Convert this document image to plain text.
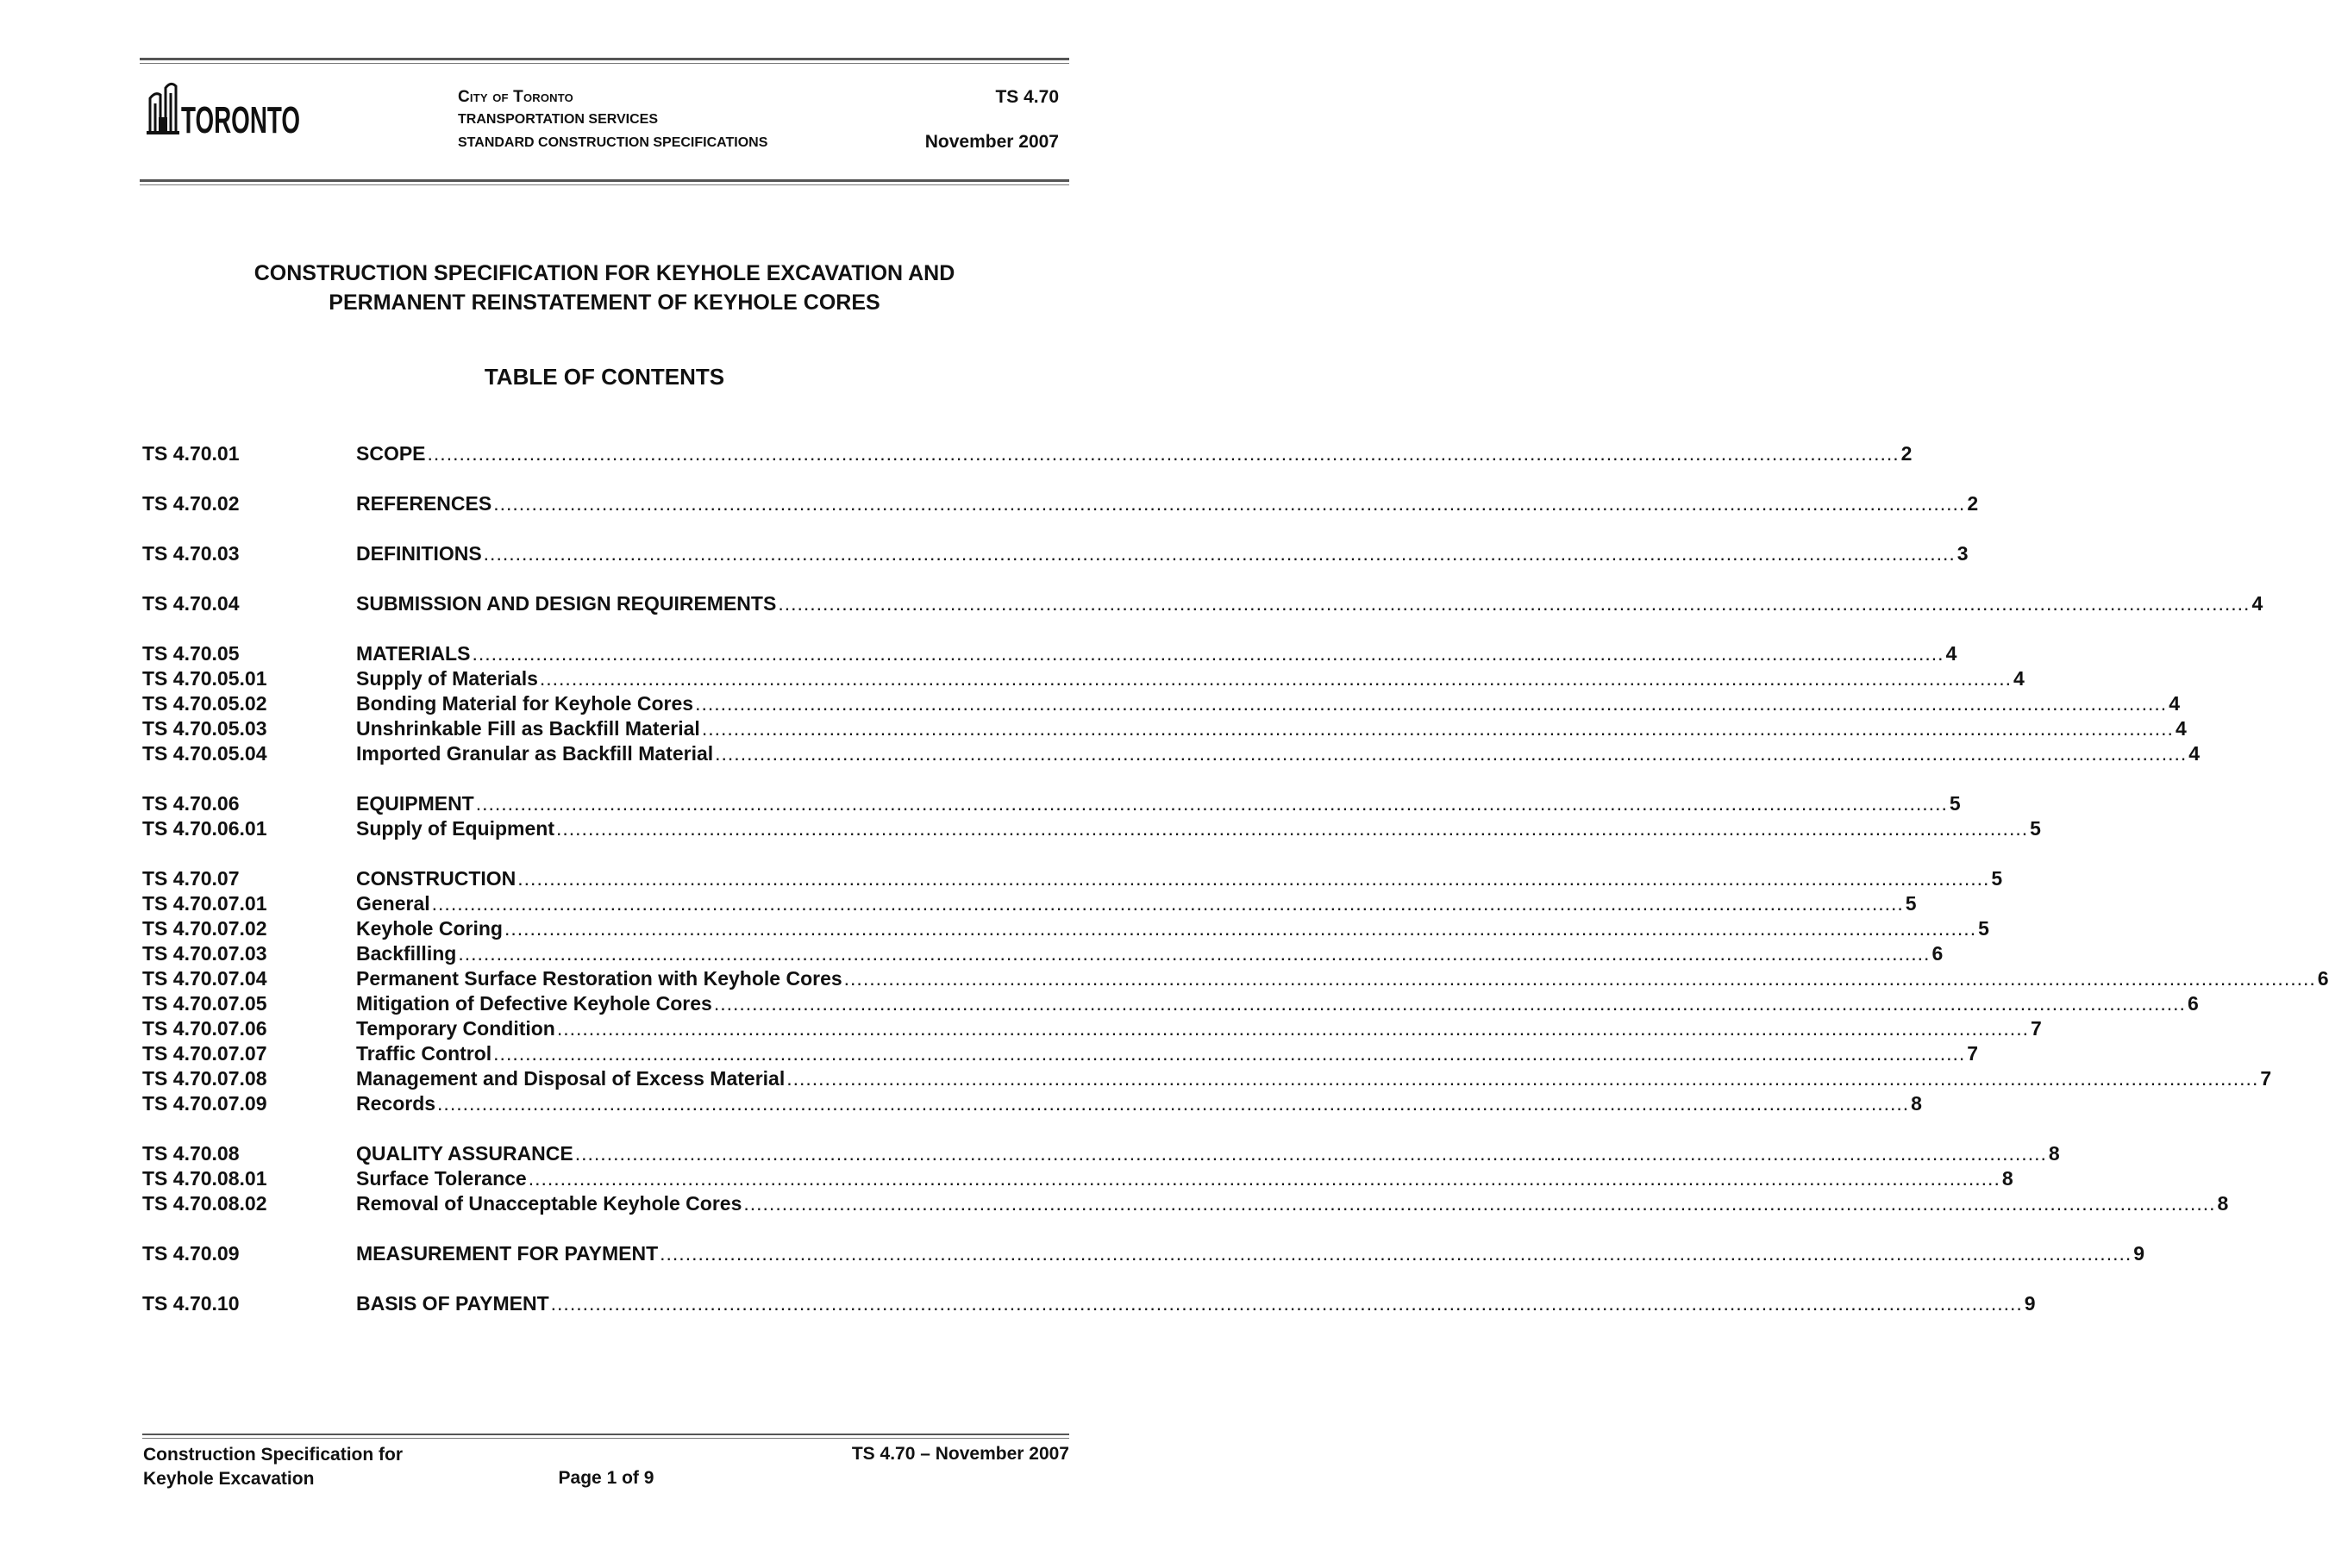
TORONTO
City of Toronto
TRANSPORTATION SERVICES
STANDARD CONSTRUCTION SPECIFICATIONS
TS 4.70
November 2007
CONSTRUCTION SPECIFICATION FOR KEYHOLE EXCAVATION AND
PERMANENT REINSTATEMENT OF KEYHOLE CORES
TABLE OF CONTENTS
TS 4.70.01	SCOPE .....	2
TS 4.70.02	REFERENCES .....	2
TS 4.70.03	DEFINITIONS .....	3
TS 4.70.04	SUBMISSION AND DESIGN REQUIREMENTS .....	4
TS 4.70.05	MATERIALS .....	4
TS 4.70.05.01	Supply of Materials .....	4
TS 4.70.05.02	Bonding Material for Keyhole Cores .....	4
TS 4.70.05.03	Unshrinkable Fill as Backfill Material .....	4
TS 4.70.05.04	Imported Granular as Backfill Material .....	4
TS 4.70.06	EQUIPMENT .....	5
TS 4.70.06.01	Supply of Equipment .....	5
TS 4.70.07	CONSTRUCTION .....	5
TS 4.70.07.01	General .....	5
TS 4.70.07.02	Keyhole Coring .....	5
TS 4.70.07.03	Backfilling .....	6
TS 4.70.07.04	Permanent Surface Restoration with Keyhole Cores .....	6
TS 4.70.07.05	Mitigation of Defective Keyhole Cores .....	6
TS 4.70.07.06	Temporary Condition .....	7
TS 4.70.07.07	Traffic Control .....	7
TS 4.70.07.08	Management and Disposal of Excess Material .....	7
TS 4.70.07.09	Records .....	8
TS 4.70.08	QUALITY ASSURANCE .....	8
TS 4.70.08.01	Surface Tolerance .....	8
TS 4.70.08.02	Removal of Unacceptable Keyhole Cores .....	8
TS 4.70.09	MEASUREMENT FOR PAYMENT .....	9
TS 4.70.10	BASIS OF PAYMENT .....	9
Construction Specification for
Keyhole Excavation	Page 1 of 9
TS 4.70 – November 2007
